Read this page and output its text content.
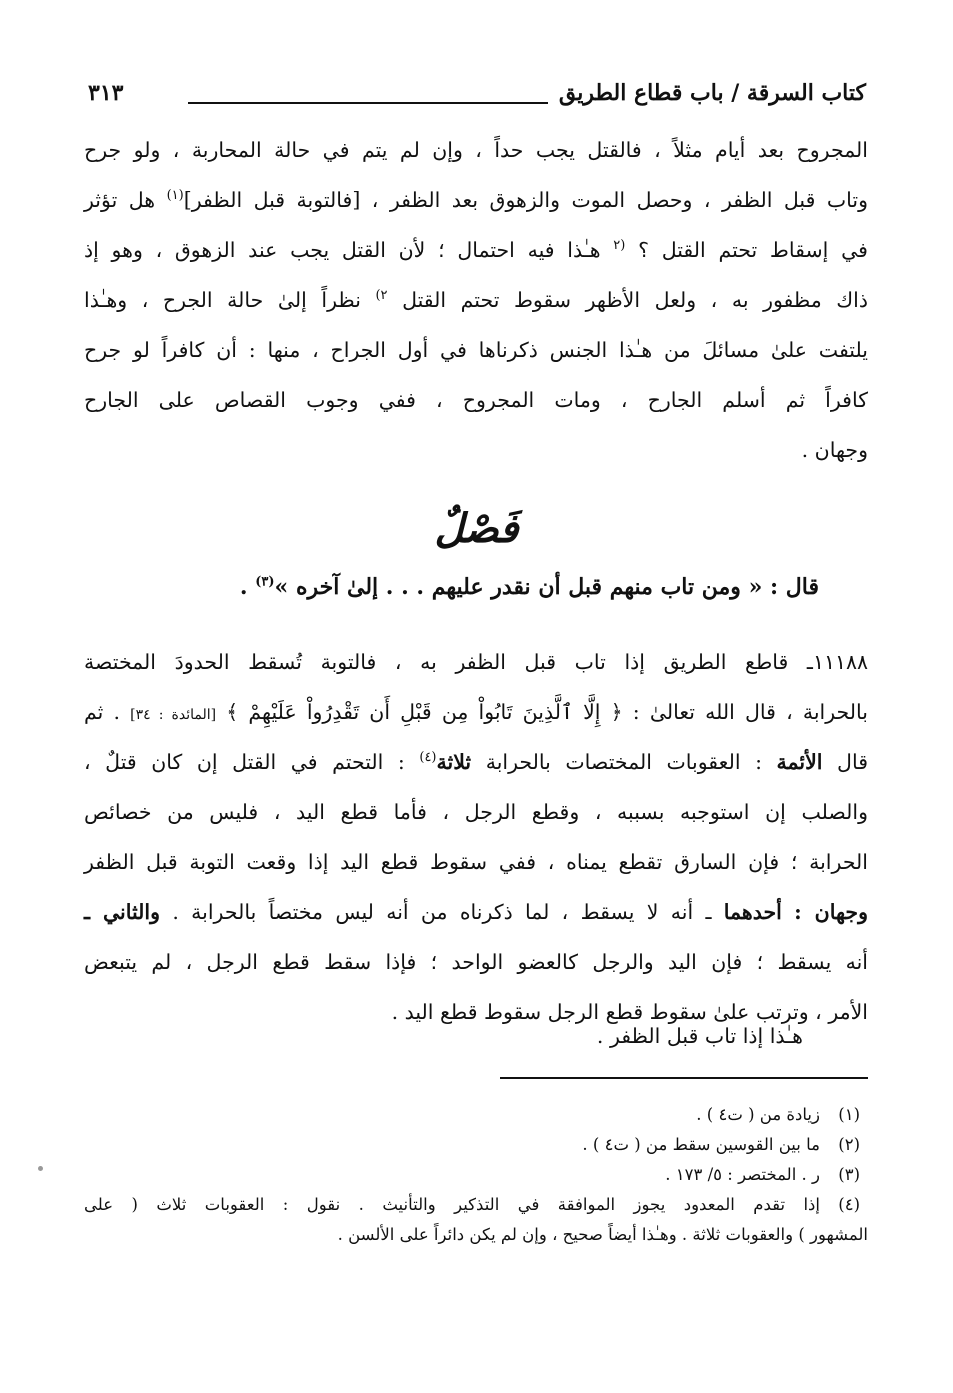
كتاب السرقة / باب قطاع الطريق
٣١٣
المجروح بعد أيام مثلاً ، فالقتل يجب حداً ، وإن لم يتم في حالة المحاربة ، ولو جرح
وتاب قبل الظفر ، وحصل الموت والزهوق بعد الظفر ، [فالتوبة قبل الظفر]$^{(١)}$ هل تؤثر
في إسقاط تحتم القتل ؟ $^{(٢}$ هـٰذا فيه احتمال ؛ لأن القتل يجب عند الزهوق ، وهو إذ
ذاك مظفور به ، ولعل الأظهر سقوط تحتم القتل $^{٢)}$ نظراً إلىٰ حالة الجرح ، وهـٰذا
يلتفت علىٰ مسائلَ من هـٰذا الجنس ذكرناها في أول الجراح ، منها : أن كافراً لو جرح
كافراً ثم أسلم الجارح ، ومات المجروح ، ففي وجوب القصاص على الجارح
وجهان .
فَصْلٌ
قال : « ومن تاب منهم قبل أن نقدر عليهم . . . إلىٰ آخره »$^{(٣)}$ .
١١١٨٨ـ قاطع الطريق إذا تاب قبل الظفر به ، فالتوبة تُسقط الحدودَ المختصة
بالحرابة ، قال الله تعالىٰ : ﴿ إِلَّا ٱلَّذِينَ تَابُواْ مِن قَبْلِ أَن تَقْدِرُواْ عَلَيْهِمْ ﴾ [المائدة : ٣٤] . ثم
قال الأئمة : العقوبات المختصات بالحرابة ثلاثة$^{(٤)}$ : التحتم في القتل إن كان قتلٌ ،
والصلب إن استوجبه بسببه ، وقطع الرجل ، فأما قطع اليد ، فليس من خصائص
الحرابة ؛ فإن السارق تقطع يمناه ، ففي سقوط قطع اليد إذا وقعت التوبة قبل الظفر
وجهان : أحدهما ـ أنه لا يسقط ، لما ذكرناه من أنه ليس مختصاً بالحرابة . والثاني ـ
أنه يسقط ؛ فإن اليد والرجل كالعضو الواحد ؛ فإذا سقط قطع الرجل ، لم يتبعض
الأمر ، وترتب علىٰ سقوط قطع الرجل سقوط قطع اليد .
هـٰذا إذا تاب قبل الظفر .
(١)
زيادة من ( ت٤ ) .
(٢)
ما بين القوسين سقط من ( ت٤ ) .
(٣)
ر . المختصر : ٥/ ١٧٣ .
(٤)
إذا تقدم المعدود يجوز الموافقة في التذكير والتأنيث . نقول : العقوبات ثلاث ( على
المشهور ) والعقوبات ثلاثة . وهـٰذا أيضاً صحيح ، وإن لم يكن دائراً على الألسن .
